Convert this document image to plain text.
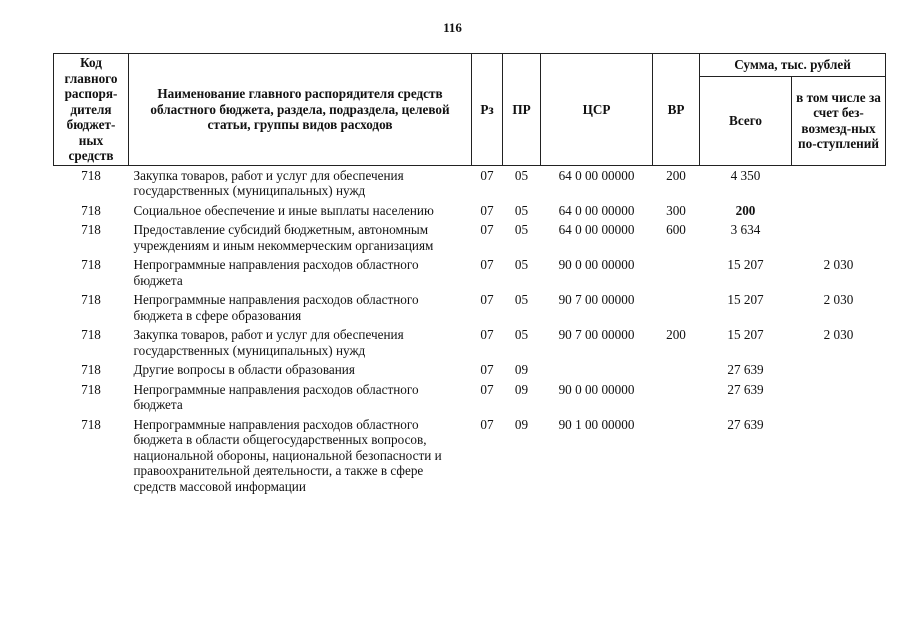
116
Код главного распоря-дителя бюджет-ных средств	Наименование главного распорядителя средств областного бюджета, раздела, подраздела, целевой статьи, группы видов расходов	Рз	ПР	ЦСР	ВР	Сумма, тыс. рублей	
						Всего	в том числе за счет без-возмезд-ных по-ступлений
718	Закупка товаров, работ и услуг для обеспечения государственных (муниципальных) нужд	07	05	64 0 00 00000	200	4 350	
718	Социальное обеспечение и иные выплаты населению	07	05	64 0 00 00000	300	200	
718	Предоставление субсидий бюджетным, автономным учреждениям и иным некоммерческим организациям	07	05	64 0 00 00000	600	3 634	
718	Непрограммные направления расходов областного бюджета	07	05	90 0 00 00000		15 207	2 030
718	Непрограммные направления расходов областного бюджета в сфере образования	07	05	90 7 00 00000		15 207	2 030
718	Закупка товаров, работ и услуг для обеспечения государственных (муниципальных) нужд	07	05	90 7 00 00000	200	15 207	2 030
718	Другие вопросы в области образования	07	09			27 639	
718	Непрограммные направления расходов областного бюджета	07	09	90 0 00 00000		27 639	
718	Непрограммные направления расходов областного бюджета в области общегосударственных вопросов, национальной обороны, национальной безопасности и правоохранительной деятельности, а также в сфере средств массовой информации	07	09	90 1 00 00000		27 639	
